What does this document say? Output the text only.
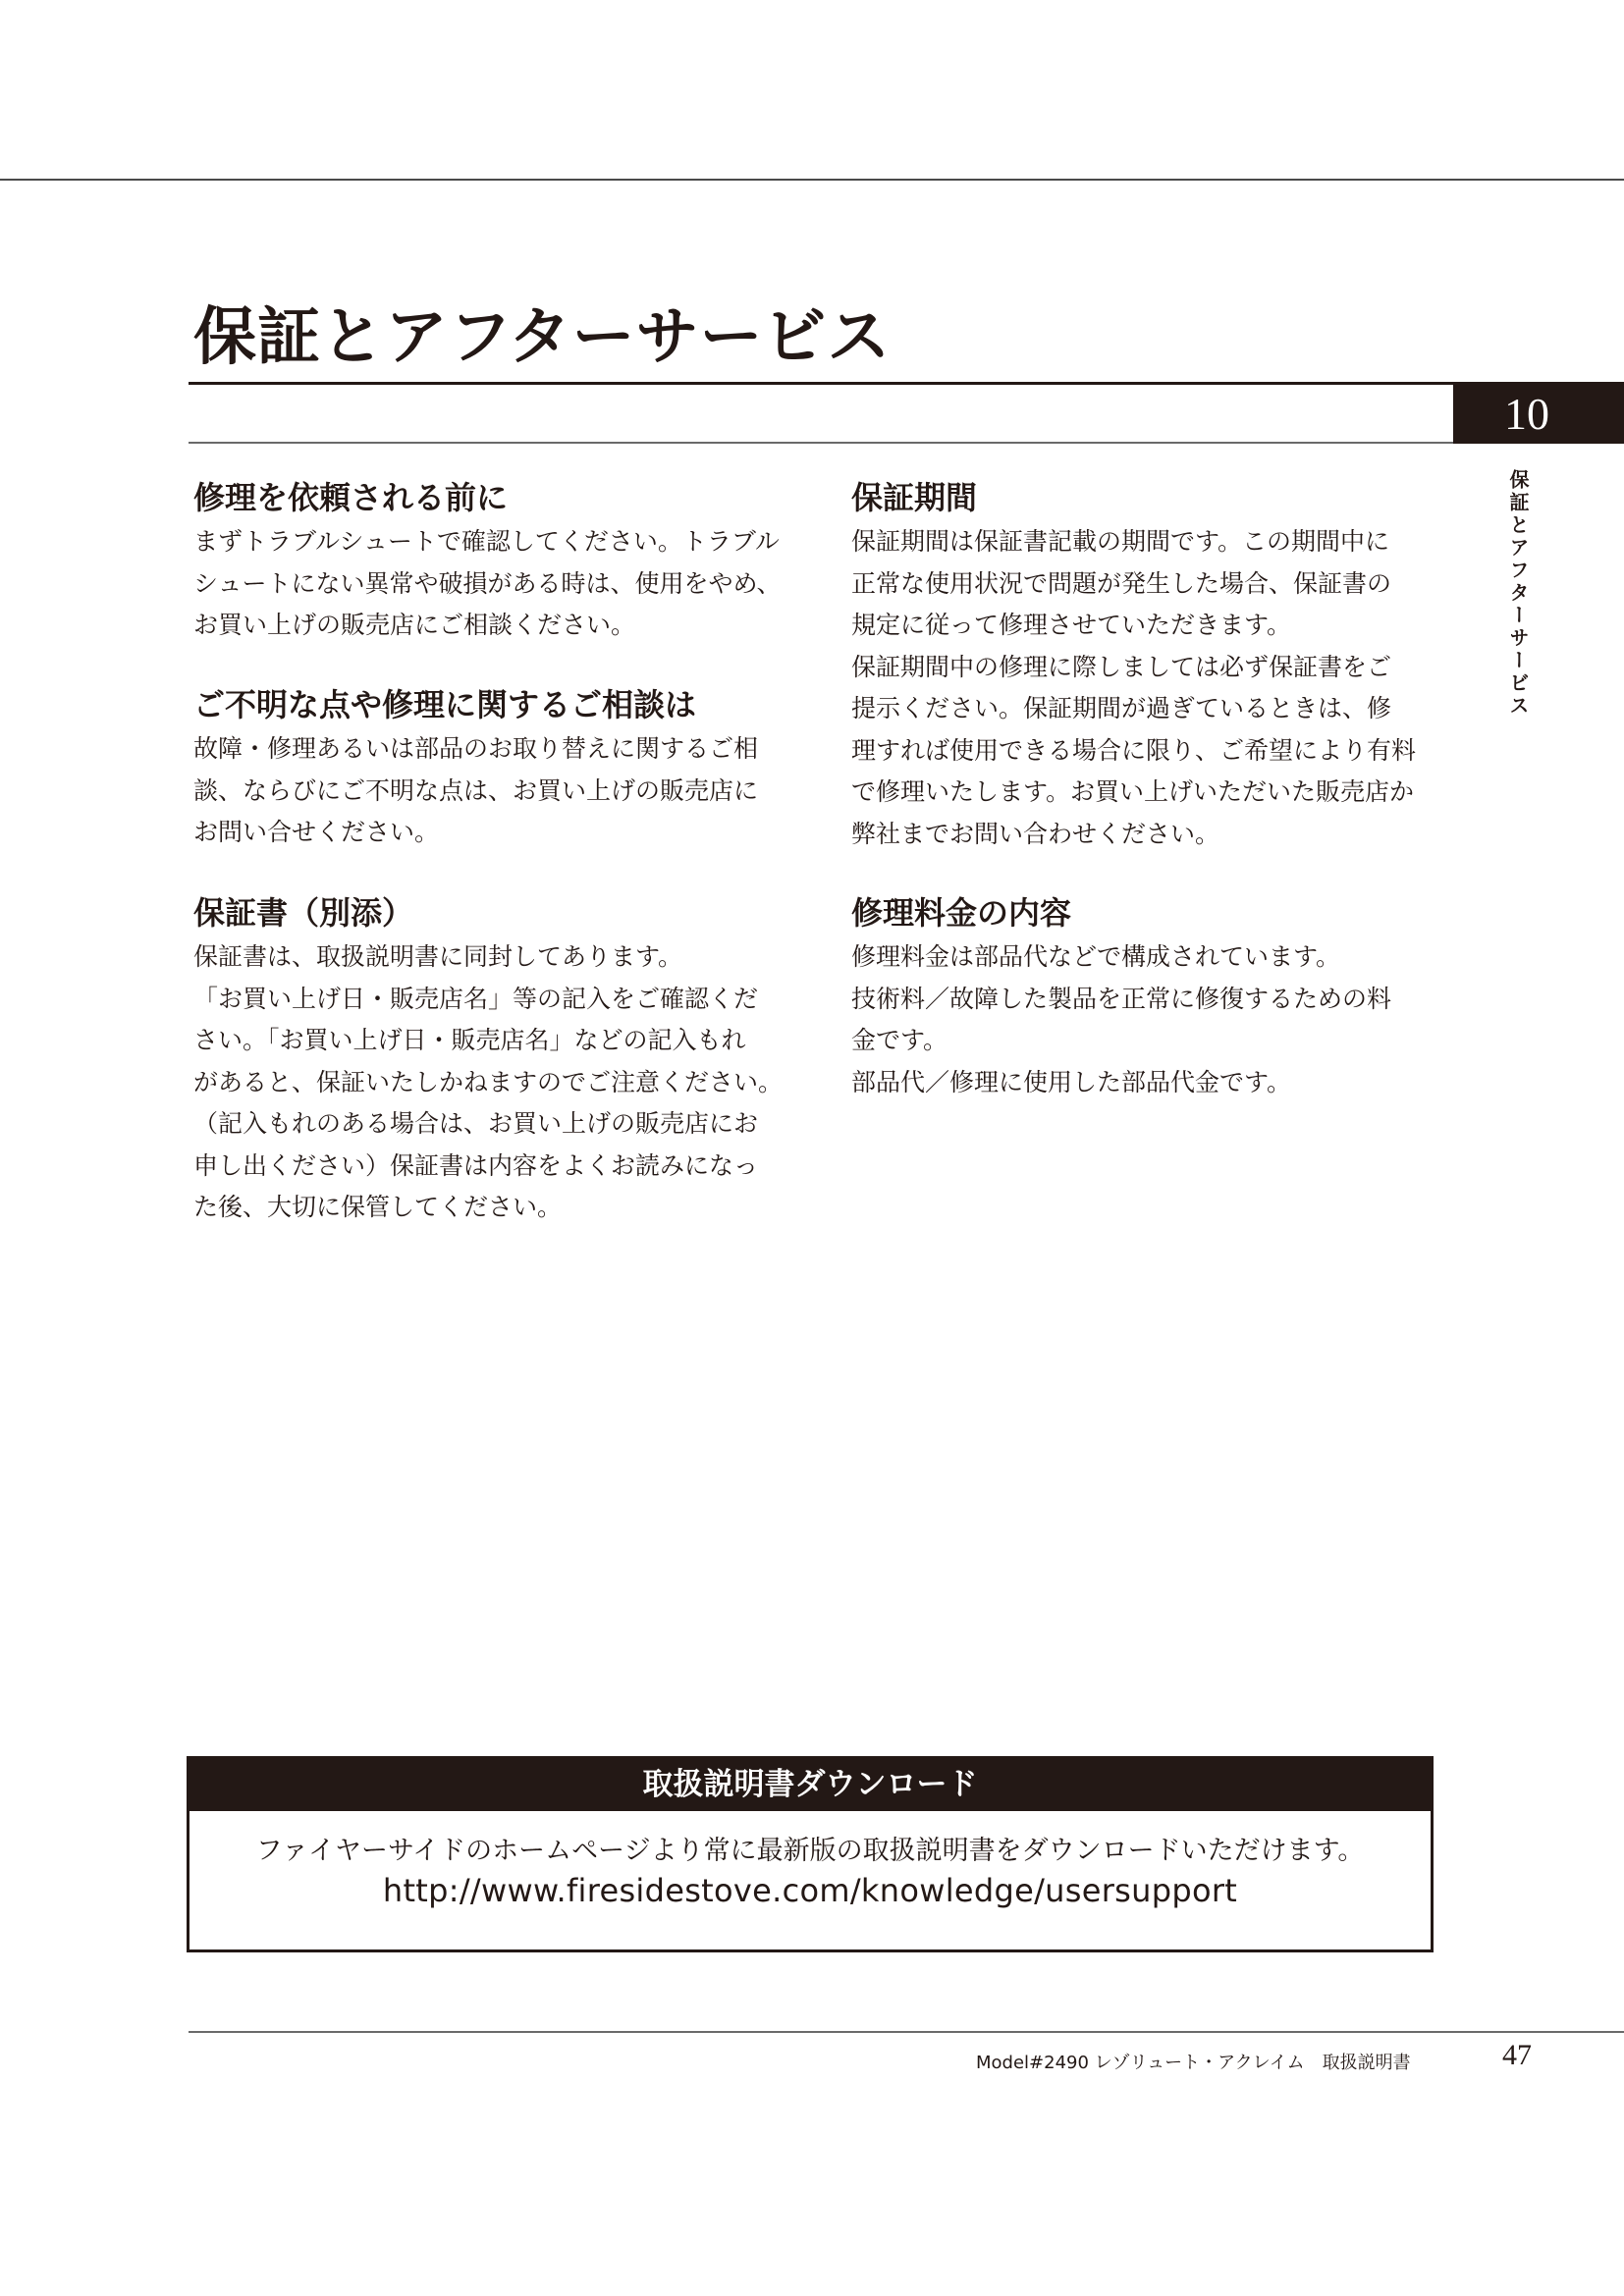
保証とアフターサービス
10
保証とアフターサービス
修理を依頼される前に
まずトラブルシュートで確認してください。トラブル
シュートにない異常や破損がある時は、使用をやめ、
お買い上げの販売店にご相談ください。
ご不明な点や修理に関するご相談は
故障・修理あるいは部品のお取り替えに関するご相
談、ならびにご不明な点は、お買い上げの販売店に
お問い合せください。
保証書（別添）
保証書は、取扱説明書に同封してあります。
「お買い上げ日・販売店名」等の記入をご確認くだ
さい。「お買い上げ日・販売店名」などの記入もれ
があると、保証いたしかねますのでご注意ください。
（記入もれのある場合は、お買い上げの販売店にお
申し出ください）保証書は内容をよくお読みになっ
た後、大切に保管してください。
保証期間
保証期間は保証書記載の期間です。この期間中に
正常な使用状況で問題が発生した場合、保証書の
規定に従って修理させていただきます。
保証期間中の修理に際しましては必ず保証書をご
提示ください。保証期間が過ぎているときは、修
理すれば使用できる場合に限り、ご希望により有料
で修理いたします。お買い上げいただいた販売店か
弊社までお問い合わせください。
修理料金の内容
修理料金は部品代などで構成されています。
技術料／故障した製品を正常に修復するための料
金です。
部品代／修理に使用した部品代金です。
取扱説明書ダウンロード
ファイヤーサイドのホームページより常に最新版の取扱説明書をダウンロードいただけます。
http://www.firesidestove.com/knowledge/usersupport
Model#2490 レゾリュート・アクレイム　取扱説明書	47
